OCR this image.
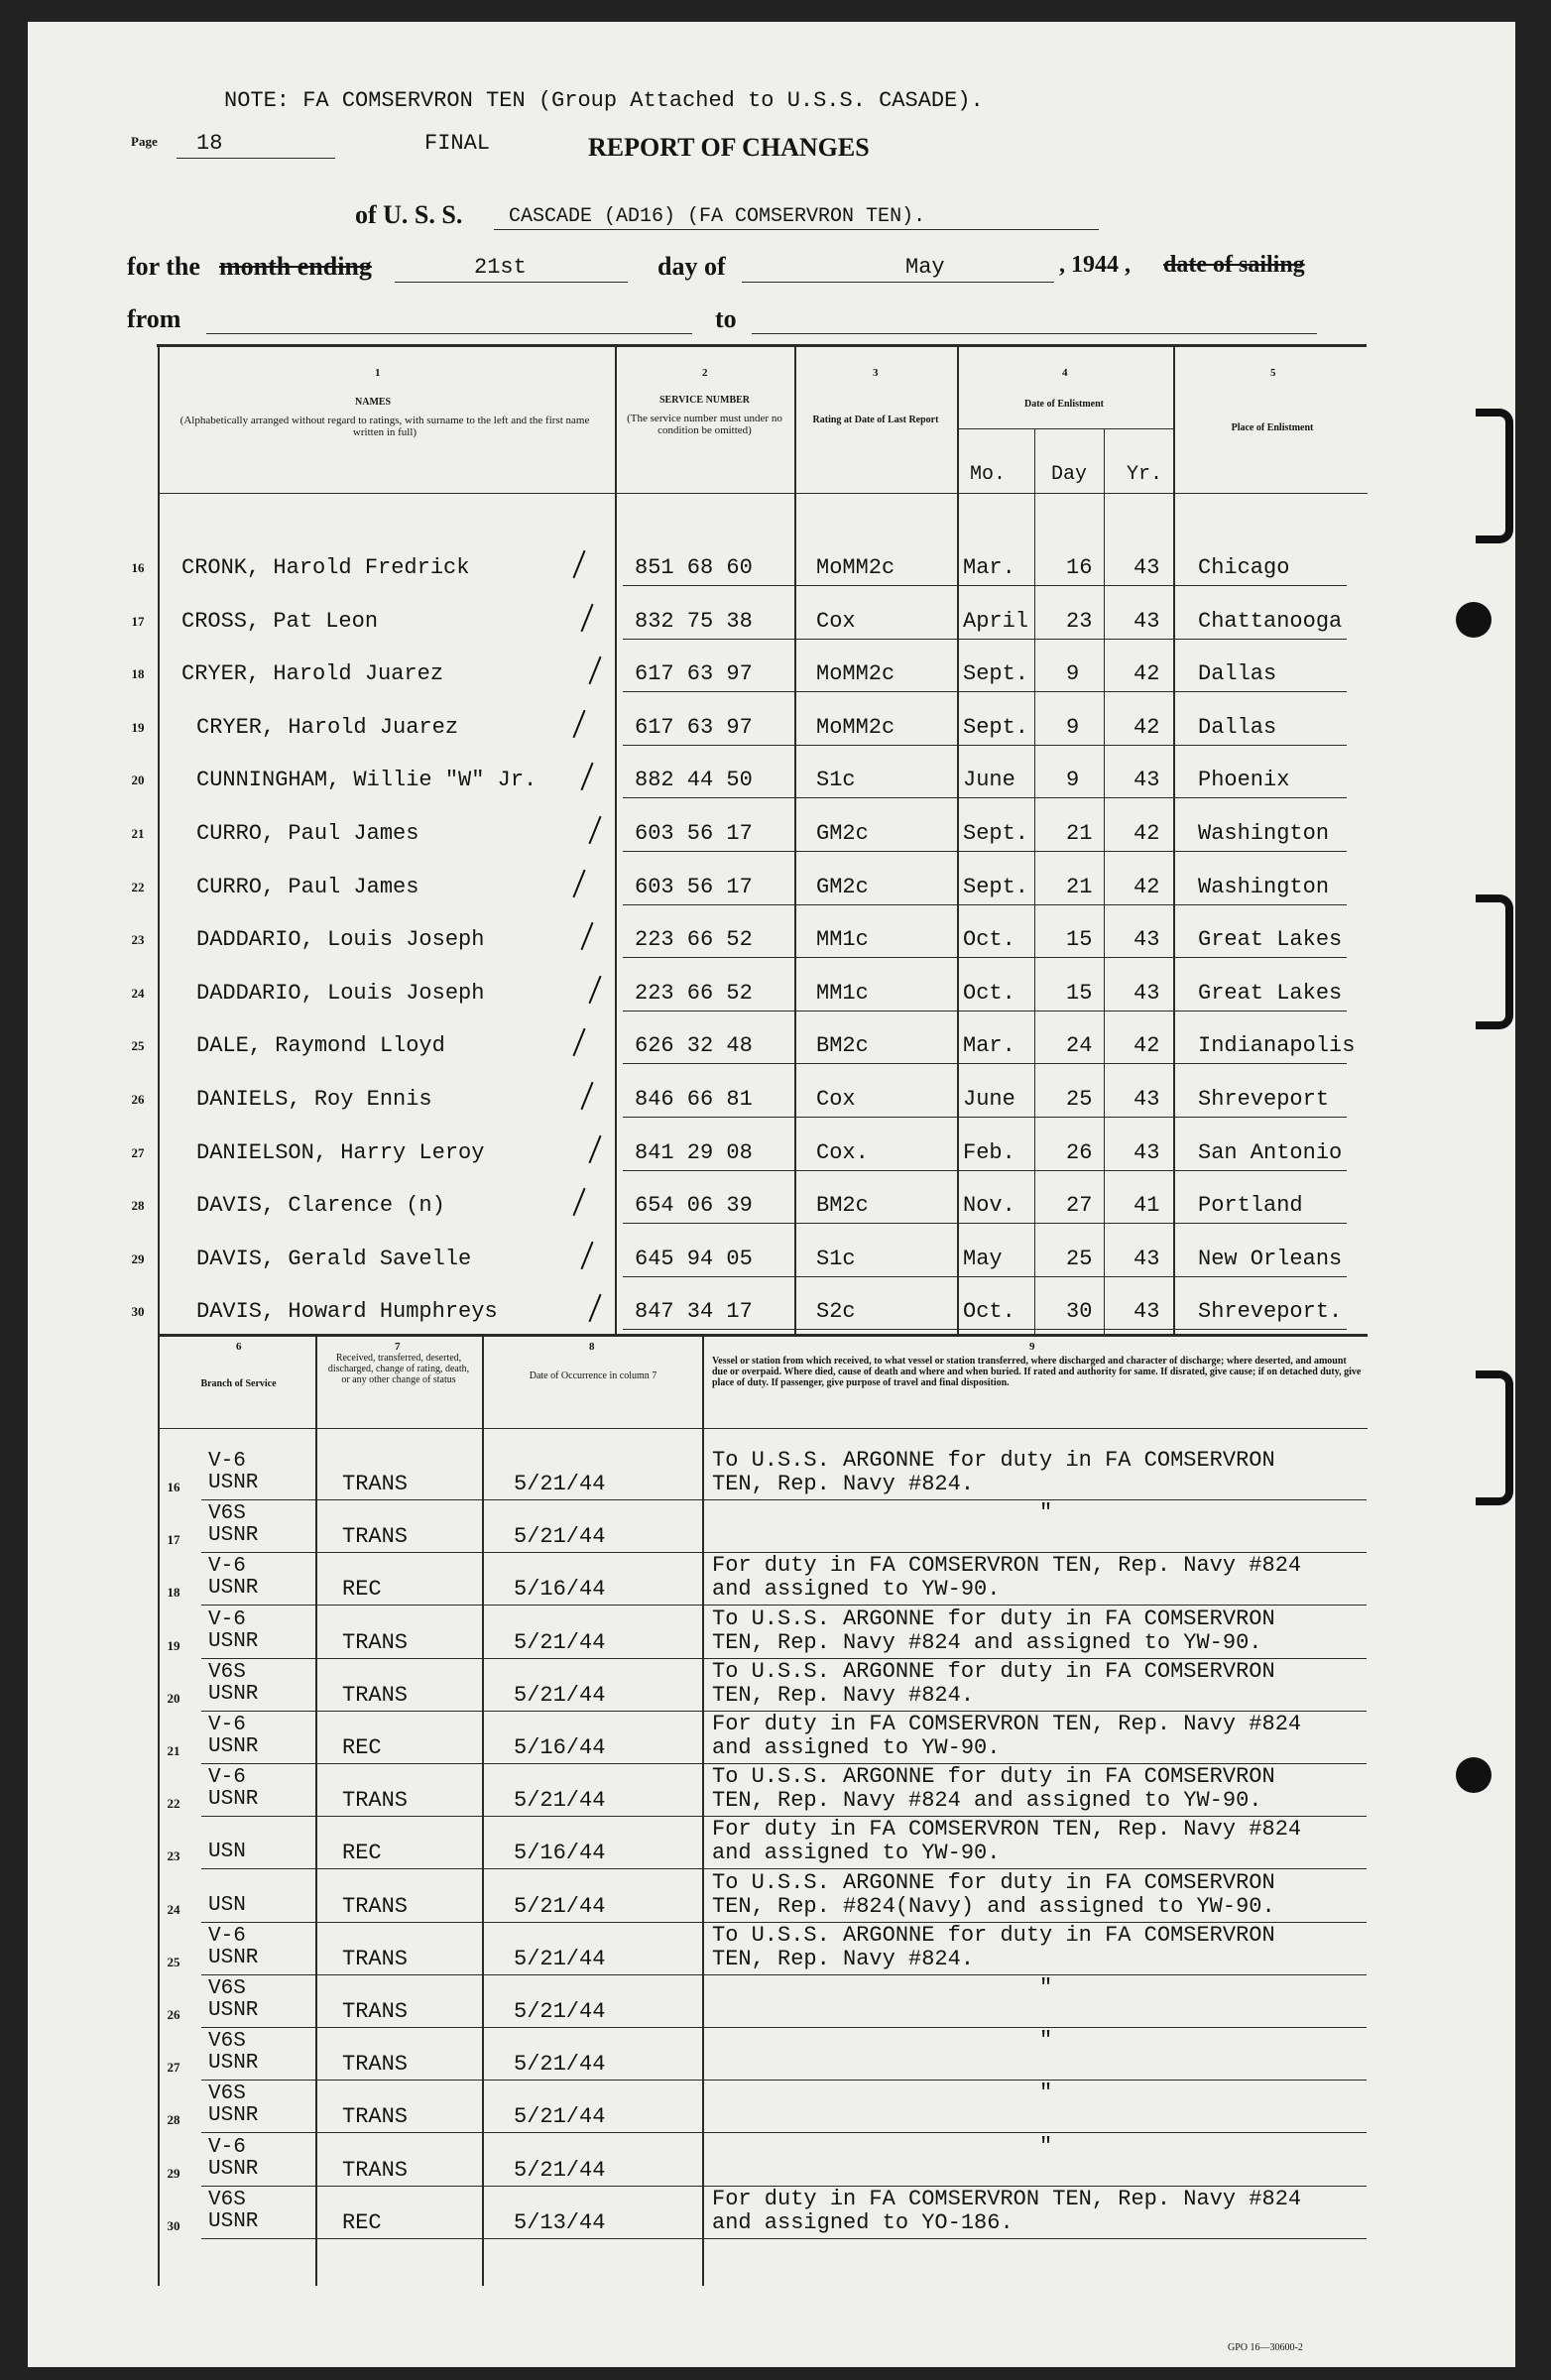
NOTE: FA COMSERVRON TEN (Group Attached to U.S.S. CASADE).
Page 18	FINAL	REPORT OF CHANGES
of U. S. S. CASCADE (AD16) (FA COMSERVRON TEN).
for the month ending	21st	day of	May	, 1944 , date of sailing
from	to
1
NAMES
(Alphabetically arranged without regard to ratings, with surname to the left and the first name written in full)
2
SERVICE NUMBER
(The service number must under no condition be omitted)
3
Rating at Date of Last Report
4
Date of Enlistment
Mo. Day Yr.
5
Place of Enlistment
16	CRONK, Harold Fredrick	851 68 60	MoMM2c	Mar. 16 43 Chicago
17	CROSS, Pat Leon	832 75 38	Cox	April 23 43 Chattanooga
18	CRYER, Harold Juarez	617 63 97	MoMM2c	Sept. 9 42 Dallas
19	CRYER, Harold Juarez	617 63 97	MoMM2c	Sept. 9 42 Dallas
20	CUNNINGHAM, Willie "W" Jr.	882 44 50	S1c	June 9 43 Phoenix
21	CURRO, Paul James	603 56 17	GM2c	Sept. 21 42 Washington
22	CURRO, Paul James	603 56 17	GM2c	Sept. 21 42 Washington
23	DADDARIO, Louis Joseph	223 66 52	MM1c	Oct. 15 43 Great Lakes
24	DADDARIO, Louis Joseph	223 66 52	MM1c	Oct. 15 43 Great Lakes
25	DALE, Raymond Lloyd	626 32 48	BM2c	Mar. 24 42 Indianapolis
26	DANIELS, Roy Ennis	846 66 81	Cox	June 25 43 Shreveport
27	DANIELSON, Harry Leroy	841 29 08	Cox.	Feb. 26 43 San Antonio
28	DAVIS, Clarence (n)	654 06 39	BM2c	Nov. 27 41 Portland
29	DAVIS, Gerald Savelle	645 94 05	S1c	May	25 43 New Orleans
30	DAVIS, Howard Humphreys	847 34 17	S2c	Oct. 30 43 Shreveport.
6
Branch of Service
7
Received, transferred, deserted, discharged, change of rating, death, or any other change of status
8
Date of Occurrence in column 7
9
Vessel or station from which received, to what vessel or station transferred, where discharged and character of discharge; where deserted, and amount due or overpaid. Where died, cause of death and where and when buried. If rated and authority for same. If disrated, give cause; if on detached duty, give place of duty. If passenger, give purpose of travel and final disposition.
16
V-6
USNR	TRANS	5/21/44
To U.S.S. ARGONNE for duty in FA COMSERVRON
TEN, Rep. Navy #824.
17
V6S
USNR	TRANS	5/21/44
"
18
V-6
USNR	REC	5/16/44
For duty in FA COMSERVRON TEN, Rep. Navy #824
and assigned to YW-90.
19
V-6
USNR	TRANS	5/21/44
To U.S.S. ARGONNE for duty in FA COMSERVRON
TEN, Rep. Navy #824 and assigned to YW-90.
20
V6S
USNR	TRANS	5/21/44
To U.S.S. ARGONNE for duty in FA COMSERVRON
TEN, Rep. Navy #824.
21
V-6
USNR	REC	5/16/44
For duty in FA COMSERVRON TEN, Rep. Navy #824
and assigned to YW-90.
22
V-6
USNR	TRANS	5/21/44
To U.S.S. ARGONNE for duty in FA COMSERVRON
TEN, Rep. Navy #824 and assigned to YW-90.
23	USN	REC	5/16/44
For duty in FA COMSERVRON TEN, Rep. Navy #824
and assigned to YW-90.
24	USN	TRANS	5/21/44
To U.S.S. ARGONNE for duty in FA COMSERVRON
TEN, Rep. #824(Navy) and assigned to YW-90.
25
V-6
USNR	TRANS	5/21/44
To U.S.S. ARGONNE for duty in FA COMSERVRON
TEN, Rep. Navy #824.
26
V6S
USNR	TRANS	5/21/44
"
27
V6S
USNR	TRANS	5/21/44
"
28
V6S
USNR	TRANS	5/21/44
"
29
V-6
USNR	TRANS	5/21/44
"
30
V6S
USNR	REC	5/13/44
For duty in FA COMSERVRON TEN, Rep. Navy #824
and assigned to YO-186.
GPO 16—30600-2
